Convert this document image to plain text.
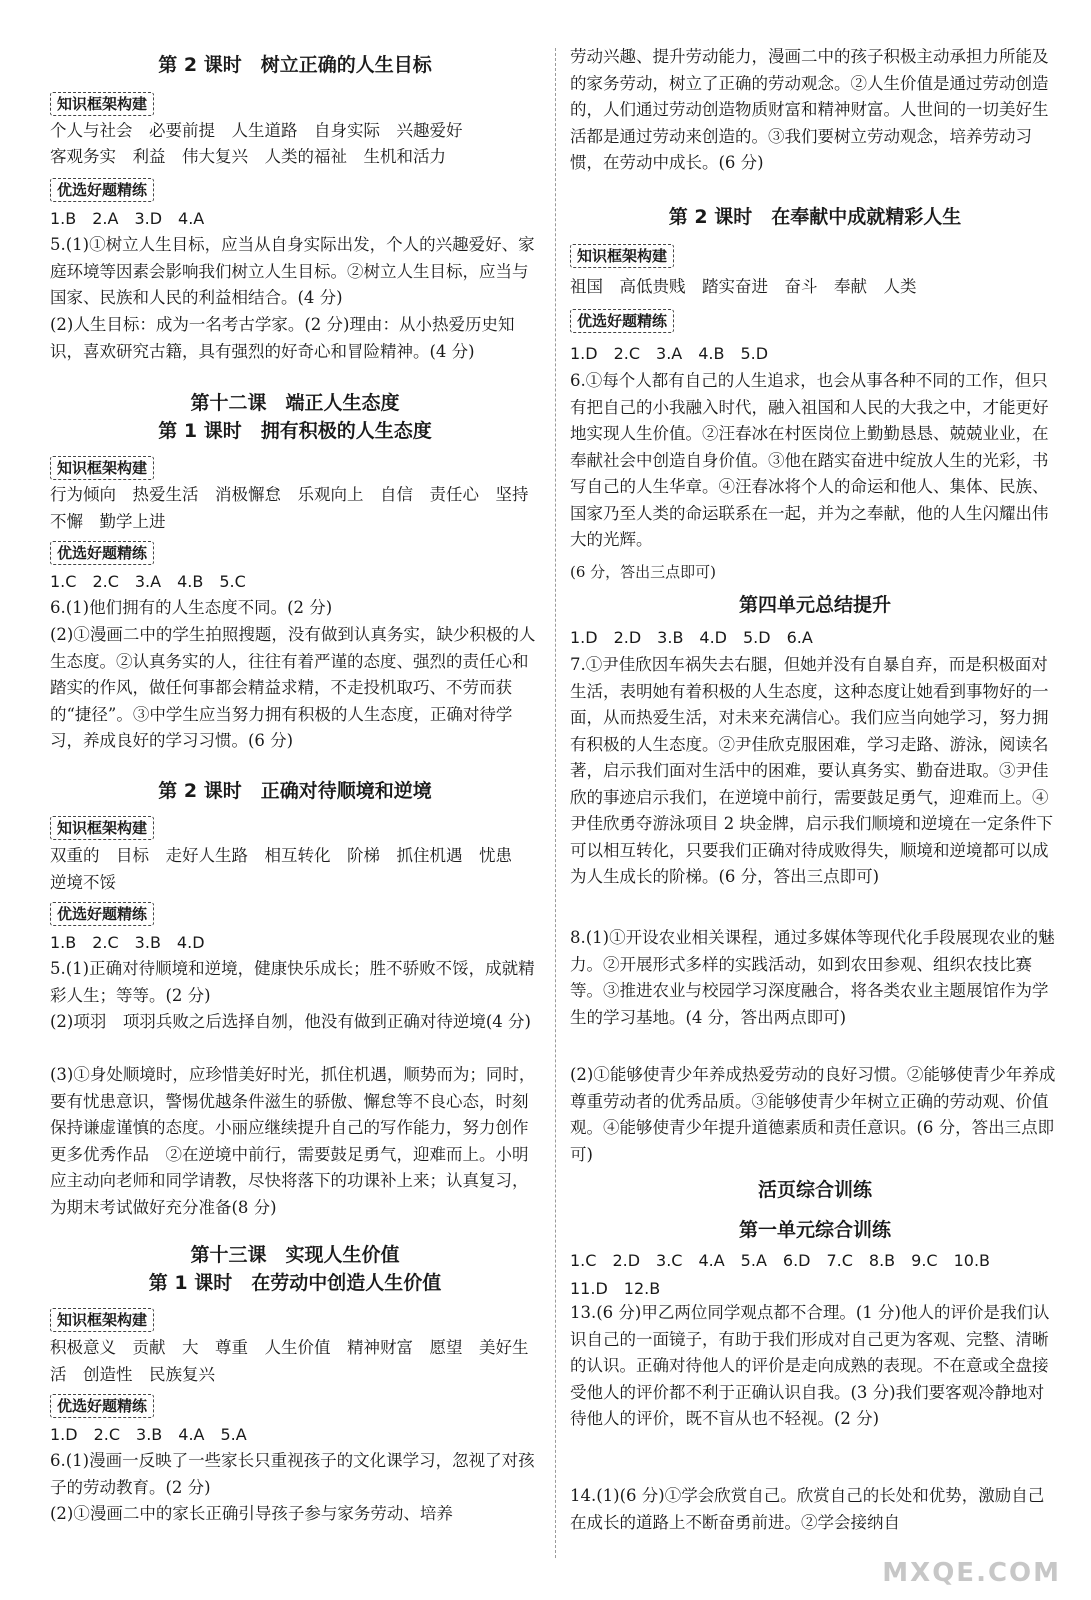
第 2 课时　树立正确的人生目标
知识框架构建
个人与社会　必要前提　人生道路　自身实际　兴趣爱好
客观务实　利益　伟大复兴　人类的福祉　生机和活力
优选好题精练
1.B　2.A　3.D　4.A
5.(1)①树立人生目标，应当从自身实际出发，个人的兴趣爱好、家庭环境等因素会影响我们树立人生目标。②树立人生目标，应当与国家、民族和人民的利益相结合。(4 分)
(2)人生目标：成为一名考古学家。(2 分)理由：从小热爱历史知识，喜欢研究古籍，具有强烈的好奇心和冒险精神。(4 分)
第十二课　端正人生态度
第 1 课时　拥有积极的人生态度
知识框架构建
行为倾向　热爱生活　消极懈怠　乐观向上　自信　责任心　坚持不懈　勤学上进
优选好题精练
1.C　2.C　3.A　4.B　5.C
6.(1)他们拥有的人生态度不同。(2 分)
(2)①漫画二中的学生拍照搜题，没有做到认真务实，缺少积极的人生态度。②认真务实的人，往往有着严谨的态度、强烈的责任心和踏实的作风，做任何事都会精益求精，不走投机取巧、不劳而获的“捷径”。③中学生应当努力拥有积极的人生态度，正确对待学习，养成良好的学习习惯。(6 分)
第 2 课时　正确对待顺境和逆境
知识框架构建
双重的　目标　走好人生路　相互转化　阶梯　抓住机遇　忧患　逆境不馁
优选好题精练
1.B　2.C　3.B　4.D
5.(1)正确对待顺境和逆境，健康快乐成长；胜不骄败不馁，成就精彩人生；等等。(2 分)
(2)项羽　项羽兵败之后选择自刎，他没有做到正确对待逆境(4 分)
(3)①身处顺境时，应珍惜美好时光，抓住机遇，顺势而为；同时，要有忧患意识，警惕优越条件滋生的骄傲、懈怠等不良心态，时刻保持谦虚谨慎的态度。小丽应继续提升自己的写作能力，努力创作更多优秀作品　②在逆境中前行，需要鼓足勇气，迎难而上。小明应主动向老师和同学请教，尽快将落下的功课补上来；认真复习，为期末考试做好充分准备(8 分)
第十三课　实现人生价值
第 1 课时　在劳动中创造人生价值
知识框架构建
积极意义　贡献　大　尊重　人生价值　精神财富　愿望　美好生活　创造性　民族复兴
优选好题精练
1.D　2.C　3.B　4.A　5.A
6.(1)漫画一反映了一些家长只重视孩子的文化课学习，忽视了对孩子的劳动教育。(2 分)
(2)①漫画二中的家长正确引导孩子参与家务劳动、培养
劳动兴趣、提升劳动能力，漫画二中的孩子积极主动承担力所能及的家务劳动，树立了正确的劳动观念。②人生价值是通过劳动创造的，人们通过劳动创造物质财富和精神财富。人世间的一切美好生活都是通过劳动来创造的。③我们要树立劳动观念，培养劳动习惯，在劳动中成长。(6 分)
第 2 课时　在奉献中成就精彩人生
知识框架构建
祖国　高低贵贱　踏实奋进　奋斗　奉献　人类
优选好题精练
1.D　2.C　3.A　4.B　5.D
6.①每个人都有自己的人生追求，也会从事各种不同的工作，但只有把自己的小我融入时代，融入祖国和人民的大我之中，才能更好地实现人生价值。②汪春冰在村医岗位上勤勤恳恳、兢兢业业，在奉献社会中创造自身价值。③他在踏实奋进中绽放人生的光彩，书写自己的人生华章。④汪春冰将个人的命运和他人、集体、民族、国家乃至人类的命运联系在一起，并为之奉献，他的人生闪耀出伟大的光辉。
(6 分，答出三点即可)
第四单元总结提升
1.D　2.D　3.B　4.D　5.D　6.A
7.①尹佳欣因车祸失去右腿，但她并没有自暴自弃，而是积极面对生活，表明她有着积极的人生态度，这种态度让她看到事物好的一面，从而热爱生活，对未来充满信心。我们应当向她学习，努力拥有积极的人生态度。②尹佳欣克服困难，学习走路、游泳，阅读名著，启示我们面对生活中的困难，要认真务实、勤奋进取。③尹佳欣的事迹启示我们，在逆境中前行，需要鼓足勇气，迎难而上。④尹佳欣勇夺游泳项目 2 块金牌，启示我们顺境和逆境在一定条件下可以相互转化，只要我们正确对待成败得失，顺境和逆境都可以成为人生成长的阶梯。(6 分，答出三点即可)
8.(1)①开设农业相关课程，通过多媒体等现代化手段展现农业的魅力。②开展形式多样的实践活动，如到农田参观、组织农技比赛等。③推进农业与校园学习深度融合，将各类农业主题展馆作为学生的学习基地。(4 分，答出两点即可)
(2)①能够使青少年养成热爱劳动的良好习惯。②能够使青少年养成尊重劳动者的优秀品质。③能够使青少年树立正确的劳动观、价值观。④能够使青少年提升道德素质和责任意识。(6 分，答出三点即可)
活页综合训练
第一单元综合训练
1.C　2.D　3.C　4.A　5.A　6.D　7.C　8.B　9.C　10.B
11.D　12.B
13.(6 分)甲乙两位同学观点都不合理。(1 分)他人的评价是我们认识自己的一面镜子，有助于我们形成对自己更为客观、完整、清晰的认识。正确对待他人的评价是走向成熟的表现。不在意或全盘接受他人的评价都不利于正确认识自我。(3 分)我们要客观冷静地对待他人的评价，既不盲从也不轻视。(2 分)
14.(1)(6 分)①学会欣赏自己。欣赏自己的长处和优势，激励自己在成长的道路上不断奋勇前进。②学会接纳自
MXQE.COM
